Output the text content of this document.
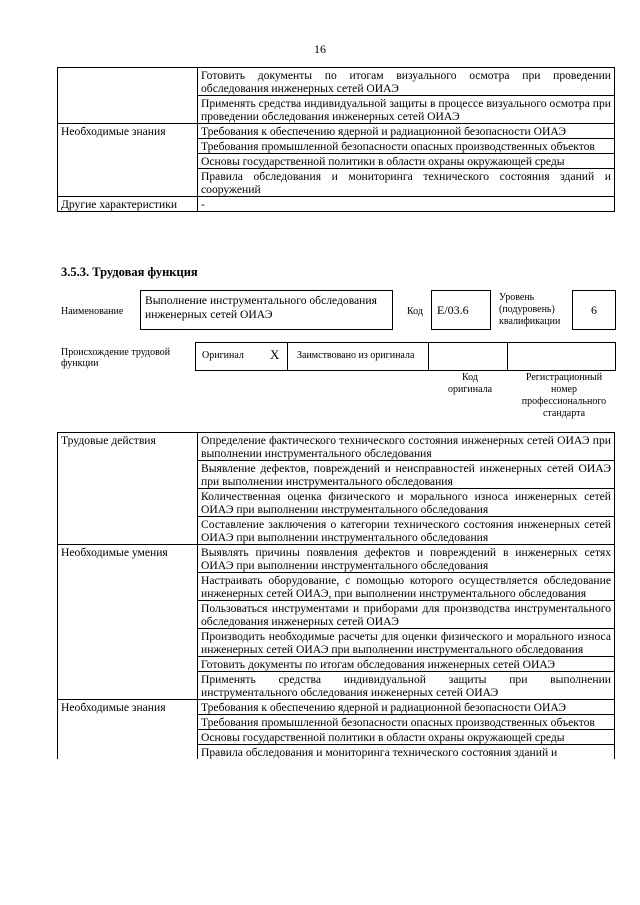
16
	Готовить документы по итогам визуального осмотра при проведении обследования инженерных сетей ОИАЭ
	Применять средства индивидуальной защиты в процессе визуального осмотра при проведении обследования инженерных сетей ОИАЭ
Необходимые знания	Требования к обеспечению ядерной и радиационной безопасности ОИАЭ
	Требования промышленной безопасности опасных производственных объектов
	Основы государственной политики в области охраны окружающей среды
	Правила обследования и мониторинга технического состояния зданий и сооружений
Другие характеристики	-
3.5.3. Трудовая функция
Наименование
Выполнение инструментального обследования инженерных сетей ОИАЭ	Код	E/03.6
Уровень (подуровень) квалификации
6
Происхождение трудовой функции
Оригинал X Заимствовано из оригинала
Код оригинала
Регистрационный номер профессионального стандарта
Трудовые действия	Определение фактического технического состояния инженерных сетей ОИАЭ при выполнении инструментального обследования
	Выявление дефектов, повреждений и неисправностей инженерных сетей ОИАЭ при выполнении инструментального обследования
	Количественная оценка физического и морального износа инженерных сетей ОИАЭ при выполнении инструментального обследования
	Составление заключения о категории технического состояния инженерных сетей ОИАЭ при выполнении инструментального обследования
Необходимые умения	Выявлять причины появления дефектов и повреждений в инженерных сетях ОИАЭ при выполнении инструментального обследования
	Настраивать оборудование, с помощью которого осуществляется обследование инженерных сетей ОИАЭ, при выполнении инструментального обследования
	Пользоваться инструментами и приборами для производства инструментального обследования инженерных сетей ОИАЭ
	Производить необходимые расчеты для оценки физического и морального износа инженерных сетей ОИАЭ при выполнении инструментального обследования
	Готовить документы по итогам обследования инженерных сетей ОИАЭ
	Применять средства индивидуальной защиты при выполнении инструментального обследования инженерных сетей ОИАЭ
Необходимые знания	Требования к обеспечению ядерной и радиационной безопасности ОИАЭ
	Требования промышленной безопасности опасных производственных объектов
	Основы государственной политики в области охраны окружающей среды
	Правила обследования и мониторинга технического состояния зданий и
